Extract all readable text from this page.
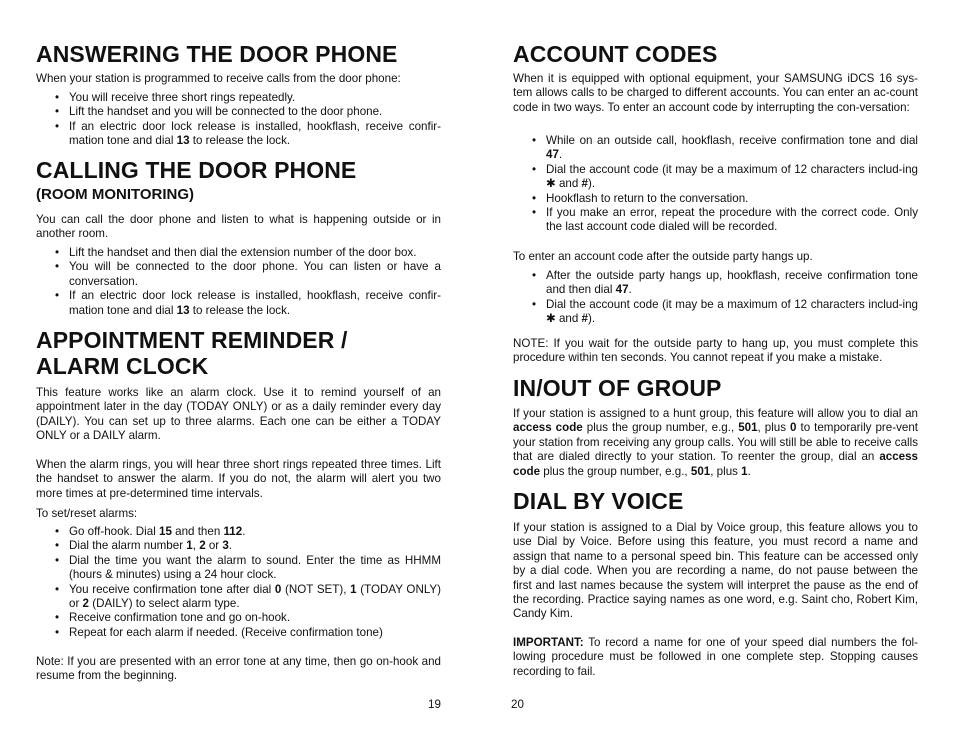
ANSWERING THE DOOR PHONE

When your station is programmed to receive calls from the door phone:

• You will receive three short rings repeatedly.
• Lift the handset and you will be connected to the door phone.
• If an electric door lock release is installed, hookflash, receive confir-mation tone and dial 13 to release the lock.
CALLING THE DOOR PHONE
(ROOM MONITORING)

You can call the door phone and listen to what is happening outside or in another room.

• Lift the handset and then dial the extension number of the door box.
• You will be connected to the door phone. You can listen or have a conversation.
• If an electric door lock release is installed, hookflash, receive confir-mation tone and dial 13 to release the lock.
APPOINTMENT REMINDER /
ALARM CLOCK

This feature works like an alarm clock. Use it to remind yourself of an appointment later in the day (TODAY ONLY) or as a daily reminder every day (DAILY). You can set up to three alarms. Each one can be either a TODAY ONLY or a DAILY alarm.

When the alarm rings, you will hear three short rings repeated three times. Lift the handset to answer the alarm. If you do not, the alarm will alert you two more times at pre-determined time intervals.

To set/reset alarms:

• Go off-hook. Dial 15 and then 112.
• Dial the alarm number 1, 2 or 3.
• Dial the time you want the alarm to sound. Enter the time as HHMM (hours & minutes) using a 24 hour clock.
• You receive confirmation tone after dial 0 (NOT SET), 1 (TODAY ONLY) or 2 (DAILY) to select alarm type.
• Receive confirmation tone and go on-hook.
• Repeat for each alarm if needed. (Receive confirmation tone)

Note: If you are presented with an error tone at any time, then go on-hook and resume from the beginning.

19
ACCOUNT CODES

When it is equipped with optional equipment, your SAMSUNG iDCS 16 sys-tem allows calls to be charged to different accounts. You can enter an ac-count code in two ways. To enter an account code by interrupting the con-versation:

• While on an outside call, hookflash, receive confirmation tone and dial 47.
• Dial the account code (it may be a maximum of 12 characters includ-ing ✱ and #).
• Hookflash to return to the conversation.
• If you make an error, repeat the procedure with the correct code. Only the last account code dialed will be recorded.

To enter an account code after the outside party hangs up.

• After the outside party hangs up, hookflash, receive confirmation tone and then dial 47.
• Dial the account code (it may be a maximum of 12 characters includ-ing ✱ and #).

NOTE: If you wait for the outside party to hang up, you must complete this procedure within ten seconds. You cannot repeat if you make a mistake.

IN/OUT OF GROUP

If your station is assigned to a hunt group, this feature will allow you to dial an access code plus the group number, e.g., 501, plus 0 to temporarily pre-vent your station from receiving any group calls. You will still be able to receive calls that are dialed directly to your station. To reenter the group, dial an access code plus the group number, e.g., 501, plus 1.

DIAL BY VOICE

If your station is assigned to a Dial by Voice group, this feature allows you to use Dial by Voice. Before using this feature, you must record a name and assign that name to a personal speed bin. This feature can be accessed only by a dial code. When you are recording a name, do not pause between the first and last names because the system will interpret the pause as the end of the recording. Practice saying names as one word, e.g. Saint cho, Robert Kim, Candy Kim.

IMPORTANT: To record a name for one of your speed dial numbers the fol-lowing procedure must be followed in one complete step. Stopping causes recording to fail.

20
